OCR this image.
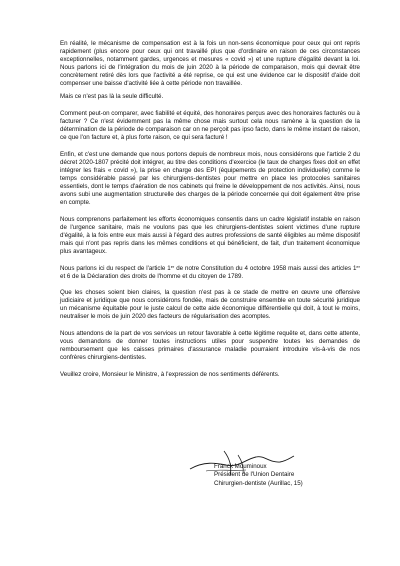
En réalité, le mécanisme de compensation est à la fois un non-sens économique pour ceux qui ont repris rapidement (plus encore pour ceux qui ont travaillé plus que d'ordinaire en raison de ces circonstances exceptionnelles, notamment gardes, urgences et mesures « covid ») et une rupture d'égalité devant la loi. Nous parlons ici de l'intégration du mois de juin 2020 à la période de comparaison, mois qui devrait être concrètement retiré dès lors que l'activité a été reprise, ce qui est une évidence car le dispositif d'aide doit compenser une baisse d'activité liée à cette période non travaillée.

Mais ce n'est pas là la seule difficulté.

Comment peut-on comparer, avec fiabilité et équité, des honoraires perçus avec des honoraires facturés ou à facturer ? Ce n'est évidemment pas la même chose mais surtout cela nous ramène à la question de la détermination de la période de comparaison car on ne perçoit pas ipso facto, dans le même instant de raison, ce que l'on facture et, à plus forte raison, ce qui sera facturé !

Enfin, et c'est une demande que nous portons depuis de nombreux mois, nous considérons que l'article 2 du décret 2020-1807 précité doit intégrer, au titre des conditions d'exercice (le taux de charges fixes doit en effet intégrer les frais « covid »), la prise en charge des EPI (équipements de protection individuelle) comme le temps considérable passé par les chirurgiens-dentistes pour mettre en place les protocoles sanitaires essentiels, dont le temps d'aération de nos cabinets qui freine le développement de nos activités. Ainsi, nous avons subi une augmentation structurelle des charges de la période concernée qui doit également être prise en compte.

Nous comprenons parfaitement les efforts économiques consentis dans un cadre législatif instable en raison de l'urgence sanitaire, mais ne voulons pas que les chirurgiens-dentistes soient victimes d'une rupture d'égalité, à la fois entre eux mais aussi à l'égard des autres professions de santé éligibles au même dispositif mais qui n'ont pas repris dans les mêmes conditions et qui bénéficient, de fait, d'un traitement économique plus avantageux.

Nous parlons ici du respect de l'article 1er de notre Constitution du 4 octobre 1958 mais aussi des articles 1er et 6 de la Déclaration des droits de l'homme et du citoyen de 1789.

Que les choses soient bien claires, la question n'est pas à ce stade de mettre en œuvre une offensive judiciaire et juridique que nous considérons fondée, mais de construire ensemble en toute sécurité juridique un mécanisme équitable pour le juste calcul de cette aide économique différentielle qui doit, à tout le moins, neutraliser le mois de juin 2020 des facteurs de régularisation des acomptes.

Nous attendons de la part de vos services un retour favorable à cette légitime requête et, dans cette attente, vous demandons de donner toutes instructions utiles pour suspendre toutes les demandes de remboursement que les caisses primaires d'assurance maladie pourraient introduire vis-à-vis de nos confrères chirurgiens-dentistes.

Veuillez croire, Monsieur le Ministre, à l'expression de nos sentiments déférents.

Franck Mouminoux
Président de l'Union Dentaire
Chirurgien-dentiste (Aurillac, 15)
